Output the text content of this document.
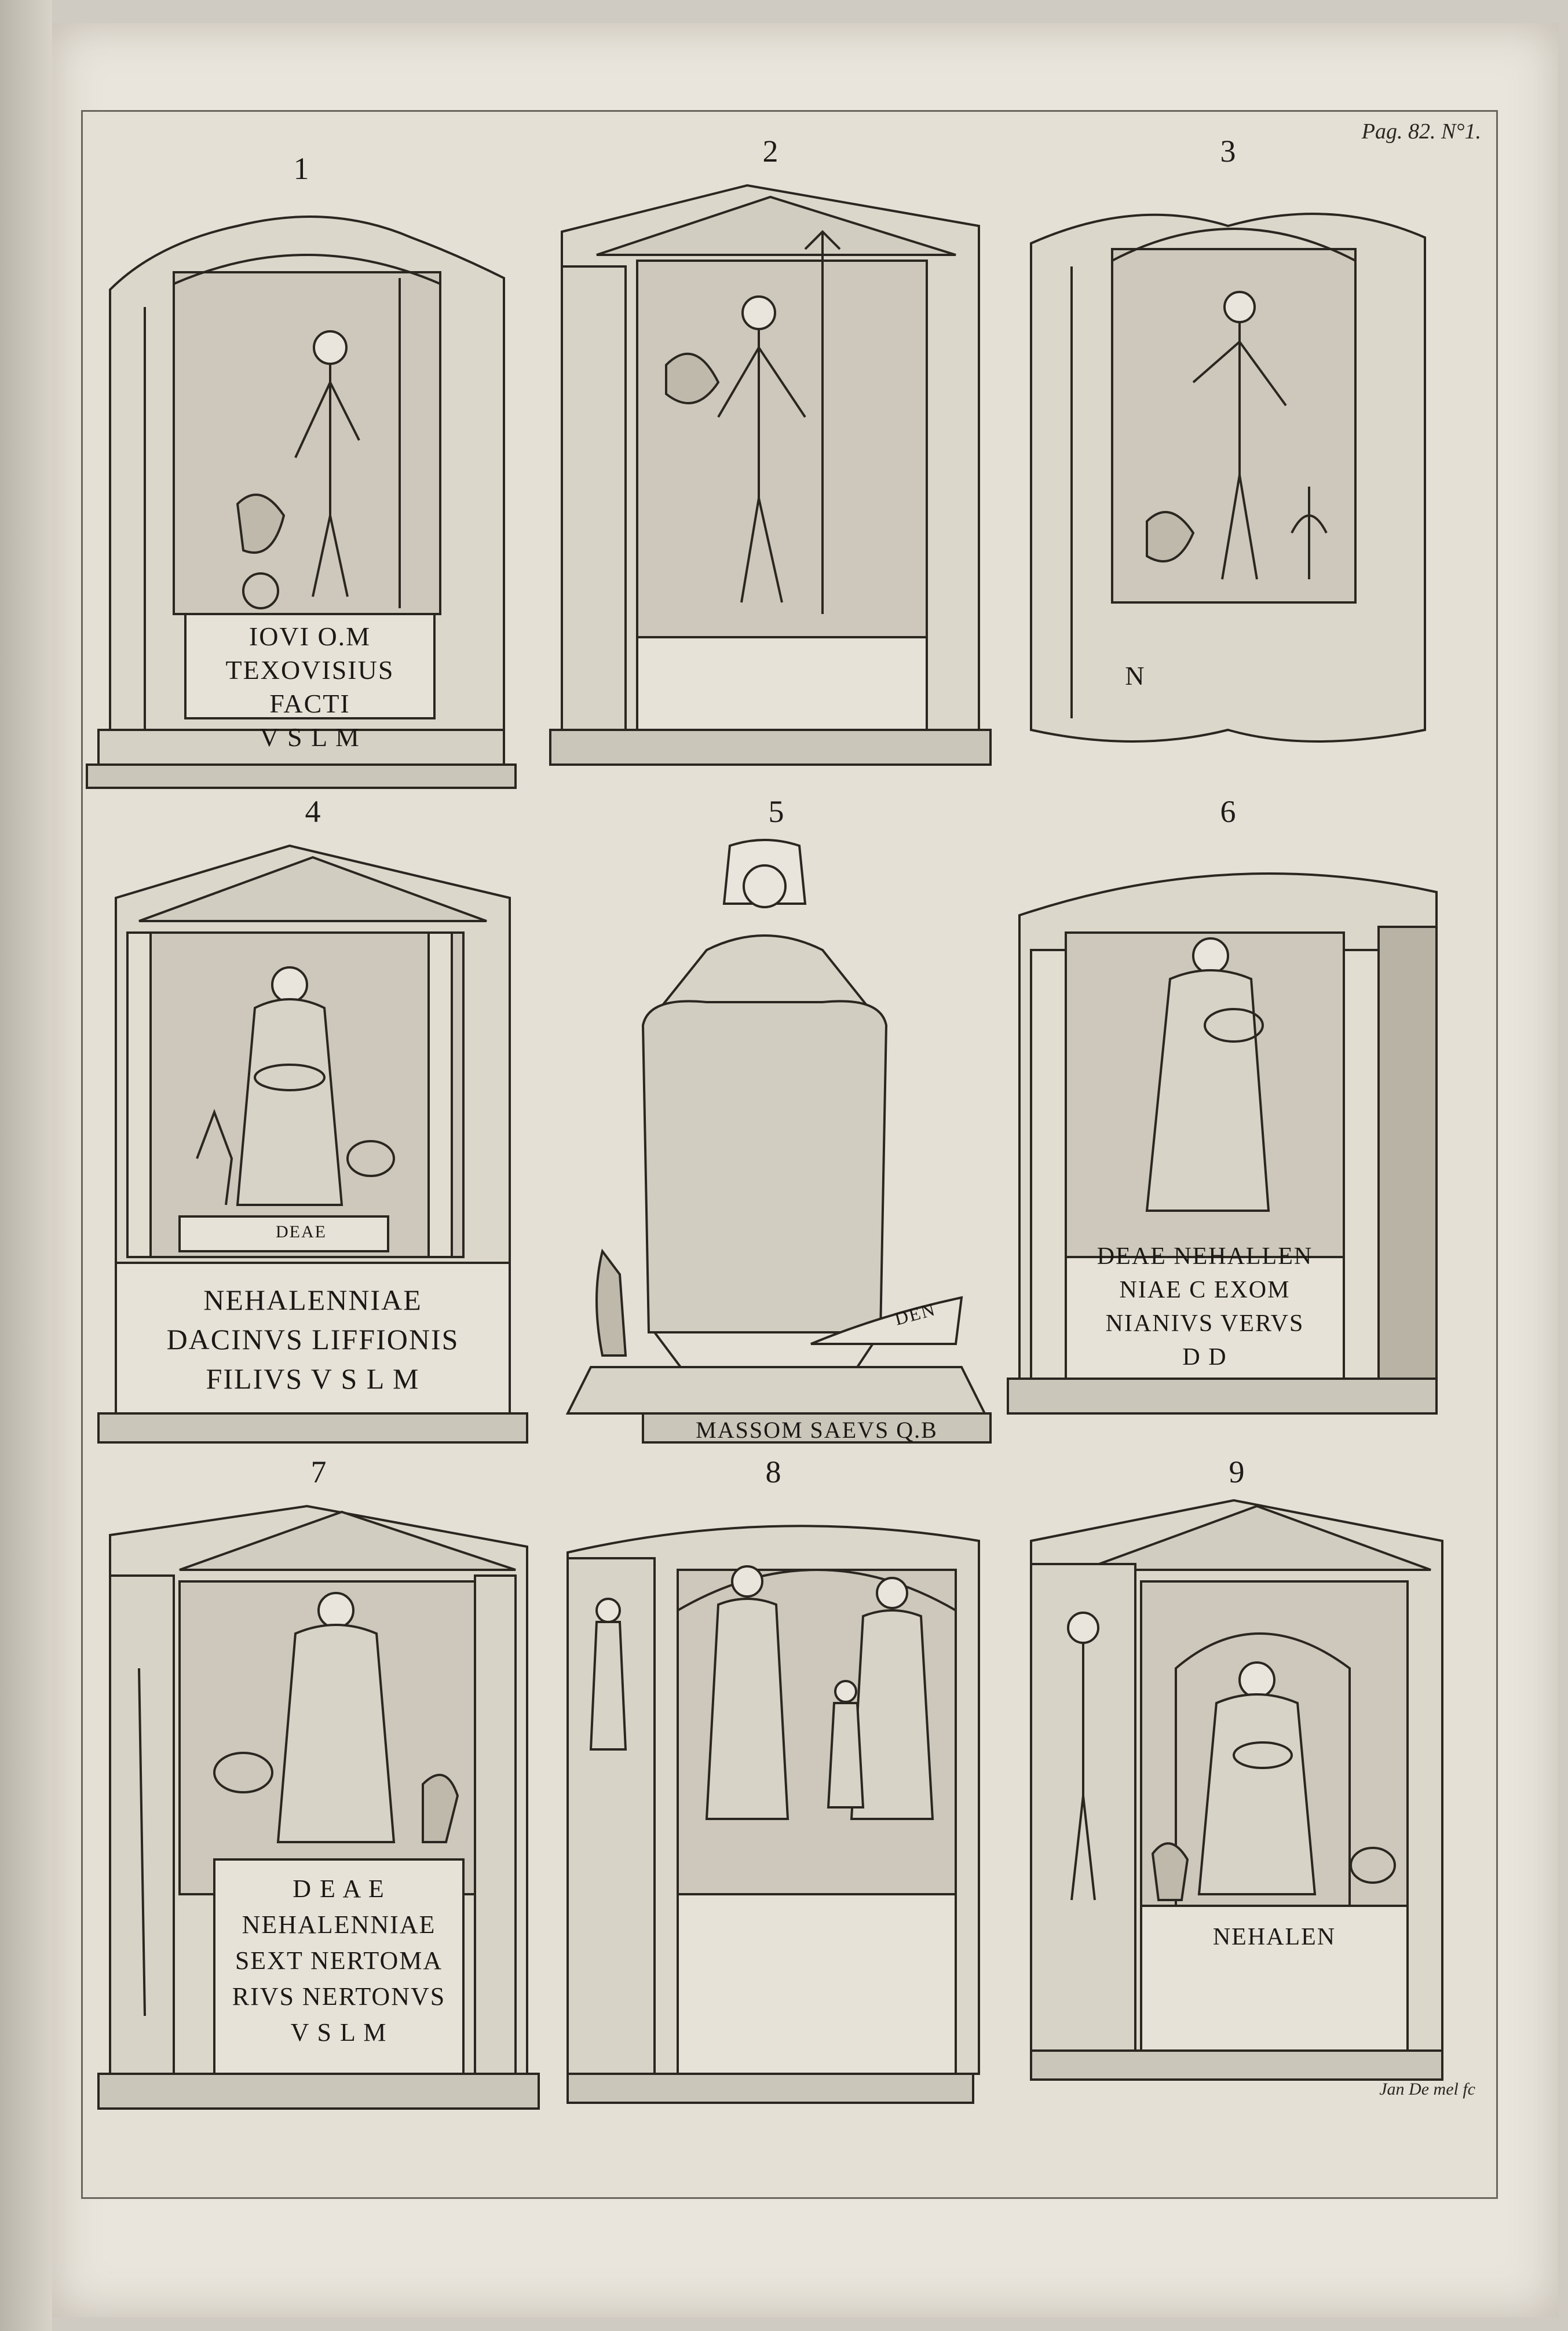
Pag. 82. N°1.
1
IOVI O.M
TEXOVISIUS
FACTI
V S L M
2	3
N
4
DEAE
NEHALENNIAE
DACINVS LIFFIONIS
FILIVS V S L M
5
DEN
MASSOM SAEVS Q.B
6
DEAE NEHALLEN
NIAE C EXOM
NIANIVS VERVS
D D
7
D E A E
NEHALENNIAE
SEXT NERTOMA
RIVS NERTONVS
V S L M
8	9
NEHALEN
Jan De mel fc
